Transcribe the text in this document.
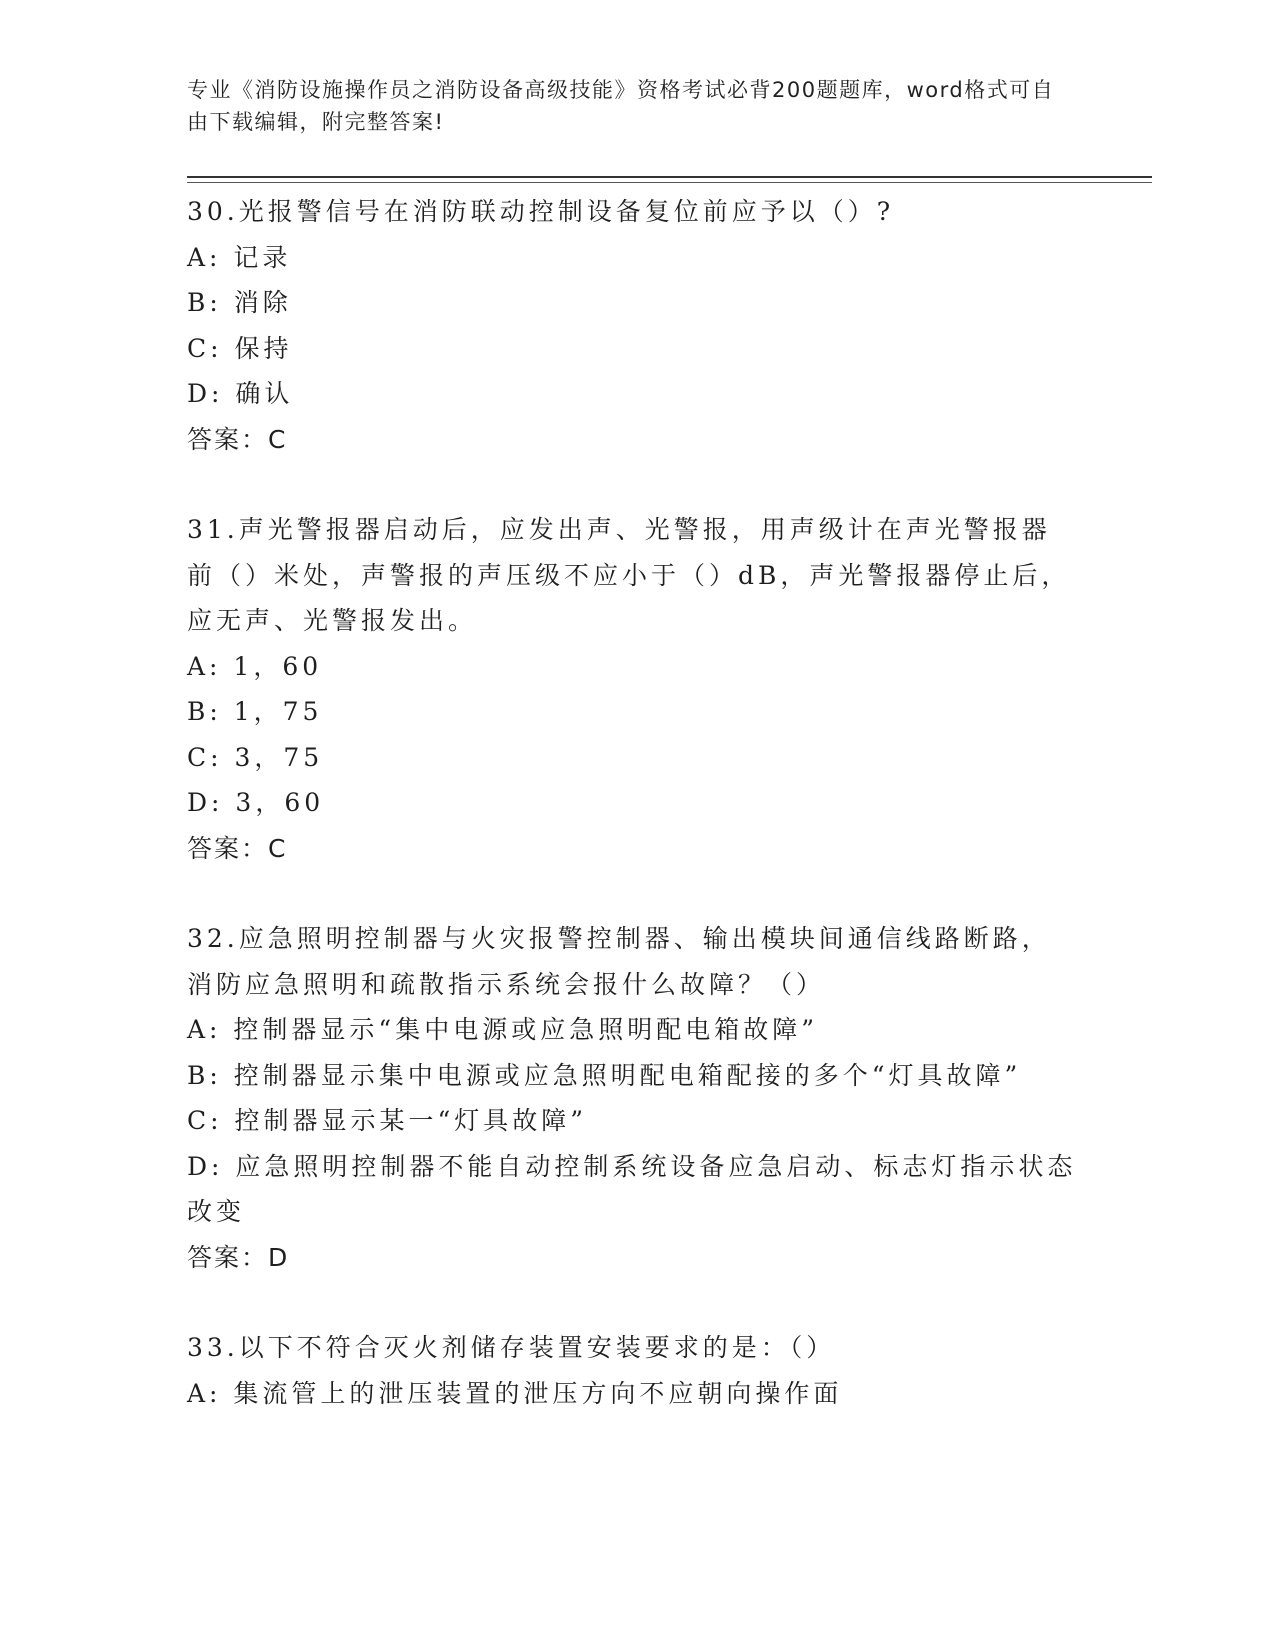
专业《消防设施操作员之消防设备高级技能》资格考试必背200题题库，word格式可自由下载编辑，附完整答案!

30.光报警信号在消防联动控制设备复位前应予以（）?

A: 记录

B: 消除

C: 保持

D: 确认

答案：C

31.声光警报器启动后，应发出声、光警报，用声级计在声光警报器前（）米处，声警报的声压级不应小于（）dB，声光警报器停止后，应无声、光警报发出。

A: 1，60

B: 1，75

C: 3，75

D: 3，60

答案：C

32.应急照明控制器与火灾报警控制器、输出模块间通信线路断路，消防应急照明和疏散指示系统会报什么故障？（）

A: 控制器显示“集中电源或应急照明配电箱故障”

B: 控制器显示集中电源或应急照明配电箱配接的多个“灯具故障”

C: 控制器显示某一“灯具故障”

D: 应急照明控制器不能自动控制系统设备应急启动、标志灯指示状态改变

答案：D

33.以下不符合灭火剂储存装置安装要求的是：（）

A: 集流管上的泄压装置的泄压方向不应朝向操作面
